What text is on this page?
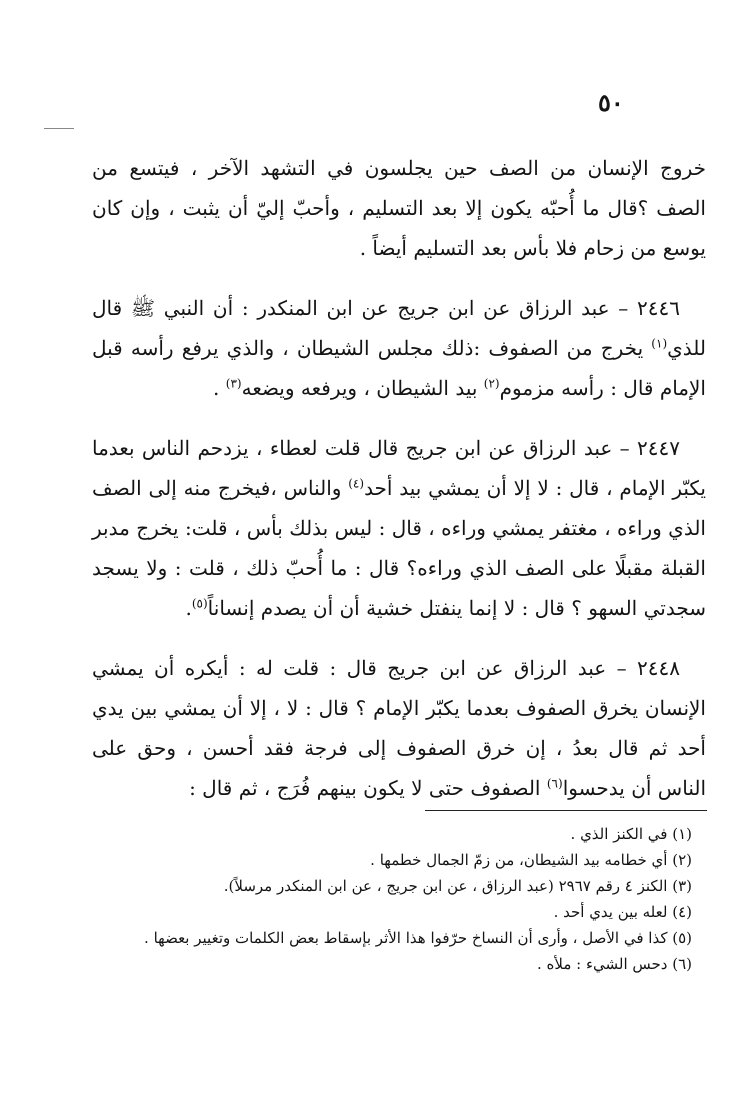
٥٠

خروج الإنسان من الصف حين يجلسون في التشهد الآخر ، فيتسع من الصف ؟قال ما أُحبّه يكون إلا بعد التسليم ، وأحبّ إليّ أن يثبت ، وإن كان يوسع من زحام فلا بأس بعد التسليم أيضاً .

٢٤٤٦ – عبد الرزاق عن ابن جريج عن ابن المنكدر : أن النبي ﷺ قال للذي$^{(١)}$ يخرج من الصفوف :ذلك مجلس الشيطان ، والذي يرفع رأسه قبل الإمام قال : رأسه مزموم$^{(٢)}$ بيد الشيطان ، ويرفعه ويضعه$^{(٣)}$ .

٢٤٤٧ – عبد الرزاق عن ابن جريج قال قلت لعطاء ، يزدحم الناس بعدما يكبّر الإمام ، قال : لا إلا أن يمشي بيد أحد$^{(٤)}$ والناس ،فيخرج منه إلى الصف الذي وراءه ، مغتفر يمشي وراءه ، قال : ليس بذلك بأس ، قلت: يخرج مدبر القبلة مقبلًا على الصف الذي وراءه؟ قال : ما أُحبّ ذلك ، قلت : ولا يسجد سجدتي السهو ؟ قال : لا إنما ينفتل خشية أن أن يصدم إنساناً$^{(٥)}$.

٢٤٤٨ – عبد الرزاق عن ابن جريج قال : قلت له : أيكره أن يمشي الإنسان يخرق الصفوف بعدما يكبّر الإمام ؟ قال : لا ، إلا أن يمشي بين يدي أحد ثم قال بعدُ ، إن خرق الصفوف إلى فرجة فقد أحسن ، وحق على الناس أن يدحسوا$^{(٦)}$ الصفوف حتى لا يكون بينهم فُرَج ، ثم قال :

(١) في الكنز الذي .

(٢) أي خطامه بيد الشيطان، من زمّ الجمال خطمها .

(٣) الكنز ٤ رقم ٢٩٦٧ (عبد الرزاق ، عن ابن جريج ، عن ابن المنكدر مرسلاً).

(٤) لعله بين يدي أحد .

(٥) كذا في الأصل ، وأرى أن النساخ حرّفوا هذا الأثر بإسقاط بعض الكلمات وتغيير بعضها .

(٦) دحس الشيء : ملأه .
